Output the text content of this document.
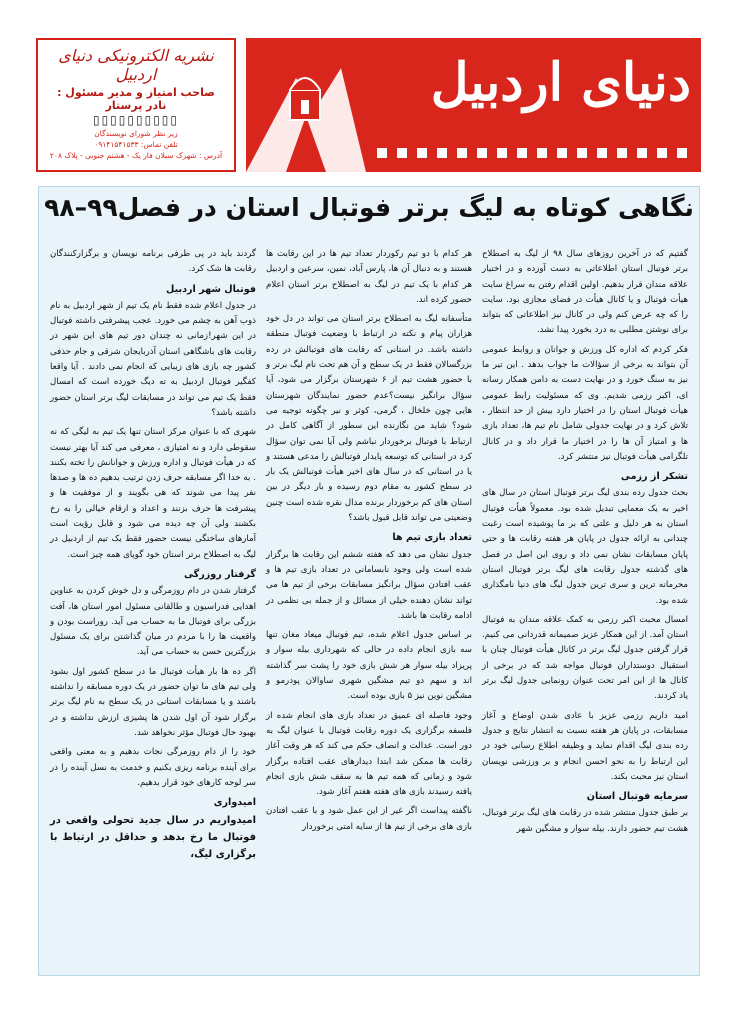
نشریه الکترونیکی دنیای اردبیل
صاحب امتیاز و مدیر مسئول :
نادر پرستار
▯▯▯▯▯▯▯▯▯▯
زیر نظر شورای نویسندگان
تلفن تماس: ۰۹۱۴۱۵۴۱۵۳۳
آدرس : شهرک سبلان فاز یک - هشتم جنوبی - پلاک ۲۰۸
دنیای اردبیل
نگاهی کوتاه به لیگ برتر فوتبال استان در فصل۹۹–۹۸

گفتیم که در آخرین روزهای سال ۹۸ از لیگ به اصطلاح برتر فوتبال استان اطلاعاتی به دست آورده و در اختیار علاقه مندان قرار بدهیم. اولین اقدام رفتن به سراغ سایت هیأت فوتبال و یا کانال هیأت در فضای مجازی بود. سایت را که چه عرض کنم ولی در کانال نیز اطلاعاتی که بتواند برای نوشتن مطلبی به درد بخورد پیدا نشد.

فکر کردم که اداره کل ورزش و جوانان و روابط عمومی آن بتواند به برخی از سؤالات ما جواب بدهد . این تیر ما نیز به سنگ خورد و در نهایت دست به دامن همکار رسانه ای، اکبر رزمی شدیم. وی که مسئولیت رابط عمومی هیأت فوتبال استان را در اختیار دارد بیش از حد انتظار ، تلاش کرد و در نهایت جدولی شامل نام تیم ها، تعداد بازی ها و امتیاز آن ها را در اختیار ما قرار داد و در کانال تلگرامی هیأت فوتبال نیز منتشر کرد.

تشکر از رزمی

بحث جدول رده بندی لیگ برتر فوتبال استان در سال های اخیر به یک معمایی تبدیل شده بود. معمولاً هیأت فوتبال استان به هر دلیل و علتی که بر ما پوشیده است رغبت چندانی به ارائه جدول در پایان هر هفته رقابت ها و حتی پایان مسابقات نشان نمی داد و روی این اصل در فصل های گذشته جدول رقابت های لیگ برتر فوتبال استان محرمانه ترین و سری ترین جدول لیگ های دنیا نامگذاری شده بود.

امسال محبت اکبر رزمی به کمک علاقه مندان به فوتبال استان آمد. از این همکار عزیز صمیمانه قدردانی می کنیم. قرار گرفتن جدول لیگ برتر در کانال هیأت فوتبال چنان با استقبال دوستداران فوتبال مواجه شد که در برخی از کانال ها از این امر تحت عنوان رونمایی جدول لیگ برتر یاد کردند.

امید داریم رزمی عزیز با عادی شدن اوضاع و آغاز مسابقات، در پایان هر هفته نسبت به انتشار نتایج و جدول رده بندی لیگ اقدام نماید و وظیفه اطلاع رسانی خود در این ارتباط را به نحو احسن انجام و بر ورزشی نویسان استان نیز محبت بکند.

سرمایه فوتبال استان

بر طبق جدول منتشر شده در رقابت های لیگ برتر فوتبال، هشت تیم حضور دارند. بیله سوار و مشگین شهر

هر کدام با دو تیم رکوردار تعداد تیم ها در این رقابت ها هستند و به دنبال آن ها، پارس آباد، نمین، سرعین و اردبیل هر کدام با یک تیم در لیگ به اصطلاح برتر استان اعلام حضور کرده اند.

متأسفانه لیگ به اصطلاح برتر استان می تواند در دل خود هزاران پیام و نکته در ارتباط با وضعیت فوتبال منطقه داشته باشد. در استانی که رقابت های فوتبالش در رده بزرگسالان فقط در یک سطح و آن هم تحت نام لیگ برتر و با حضور هشت تیم از ۶ شهرستان برگزار می شود، آیا سؤال برانگیز نیست؟عدم حضور نمایندگان شهرستان هایی چون خلخال ، گرمی، کوثر و نیر چگونه توجیه می شود؟ شاید من نگارنده این سطور از آگاهی کامل در ارتباط با فوتبال برخوردار نباشم ولی آیا نمی توان سؤال کرد در استانی که توسعه پایدار فوتبالش را مدعی هستند و یا در استانی که در سال های اخیر هیأت فوتبالش یک بار در سطح کشور به مقام دوم رسیده و بار دیگر در بین استان های کم برخوردار برنده مدال نقره شده است چنین وضعیتی می تواند قابل قبول باشد؟

تعداد بازی تیم ها

جدول نشان می دهد که هفته ششم این رقابت ها برگزار شده است ولی وجود نابسامانی در تعداد بازی تیم ها و عقب افتادن سؤال برانگیز مسابقات برخی از تیم ها می تواند نشان دهنده خیلی از مسائل و از جمله بی نظمی در ادامه رقابت ها باشد.

بر اساس جدول اعلام شده، تیم فوتبال میعاد مغان تنها سه بازی انجام داده در حالی که شهرداری بیله سوار و پریزاد بیله سوار هر شش بازی خود را پشت سر گذاشته اند و سهم دو تیم مشگین شهری ساوالان پودرمو و مشگین نوین نیز ۵ بازی بوده است.

وجود فاصله ای عمیق در تعداد بازی های انجام شده از فلسفه برگزاری یک دوره رقابت فوتبال با عنوان لیگ به دور است. عدالت و انصاف حکم می کند که هر وقت آغاز رقابت ها ممکن شد ابتدا دیدارهای عقب افتاده برگزار شود و زمانی که همه تیم ها به سقف شش بازی انجام یافته رسیدند بازی های هفته هفتم آغاز شود.

ناگفته پیداست اگر غیر از این عمل شود و با عقب افتادن بازی های برخی از تیم ها از سایه امتی برخوردار

گردند باید در پی طرفی برنامه نویسان و برگزارکنندگان رقابت ها شک کرد.

فوتبال شهر اردبیل

در جدول اعلام شده فقط نام یک تیم از شهر اردبیل به نام ذوب آهن به چشم می خورد. عجب پیشرفتی داشته فوتبال در این شهر!زمانی نه چندان دور تیم های این شهر در رقابت های باشگاهی استان آذربایجان شرقی و جام حذفی کشور چه بازی های زیبایی که انجام نمی دادند . آیا واقعا کفگیر فوتبال اردبیل به ته دیگ خورده است که امسال فقط یک تیم می تواند در مسابقات لیگ برتر استان حضور داشته باشد؟

شهری که با عنوان مرکز استان تنها یک تیم به لیگی که نه سقوطی دارد و نه امتیازی ، معرفی می کند آیا بهتر نیست که در هیأت فوتبال و اداره ورزش و جوانانش را تخته بکنند . به خدا اگر مسابقه حرف زدن ترتیب بدهیم ده ها و صدها نفر پیدا می شوند که هی بگویند و از موفقیت ها و پیشرفت ها حرف بزنند و اعداد و ارقام خیالی را به رخ بکشند ولی آن چه دیده می شود و قابل رؤیت است آمارهای ساختگی نیست حضور فقط یک تیم از اردبیل در لیگ به اصطلاح برتر استان خود گویای همه چیز است.

گرفتار روزرگی

گرفتار شدن در دام روزمرگی و دل خوش کردن به عناوین اهدایی فدراسیون و طالقانی مسئول امور استان ها، آفت بزرگی برای فوتبال ما به حساب می آید. روراست بودن و واقعیت ها را با مردم در میان گذاشتن برای یک مسئول بزرگترین حسن به حساب می آید.

اگر ده ها بار هیأت فوتبال ما در سطح کشور اول بشود ولی تیم های ما توان حضور در یک دوره مسابقه را نداشته باشند و یا مسابقات استانی در یک سطح به نام لیگ برتر برگزار شود آن اول شدن ها پشیزی ارزش نداشته و در بهبود حال فوتبال مؤثر نخواهد شد.

خود را از دام روزمرگی نجات بدهیم و به معنی واقعی برای آینده برنامه ریزی بکنیم و خدمت به نسل آینده را در سر لوحه کارهای خود قرار بدهیم.

امیدواری

امیدواریم در سال جدید تحولی واقعی در فوتبال ما رخ بدهد و حداقل در ارتباط با برگزاری لیگ،
